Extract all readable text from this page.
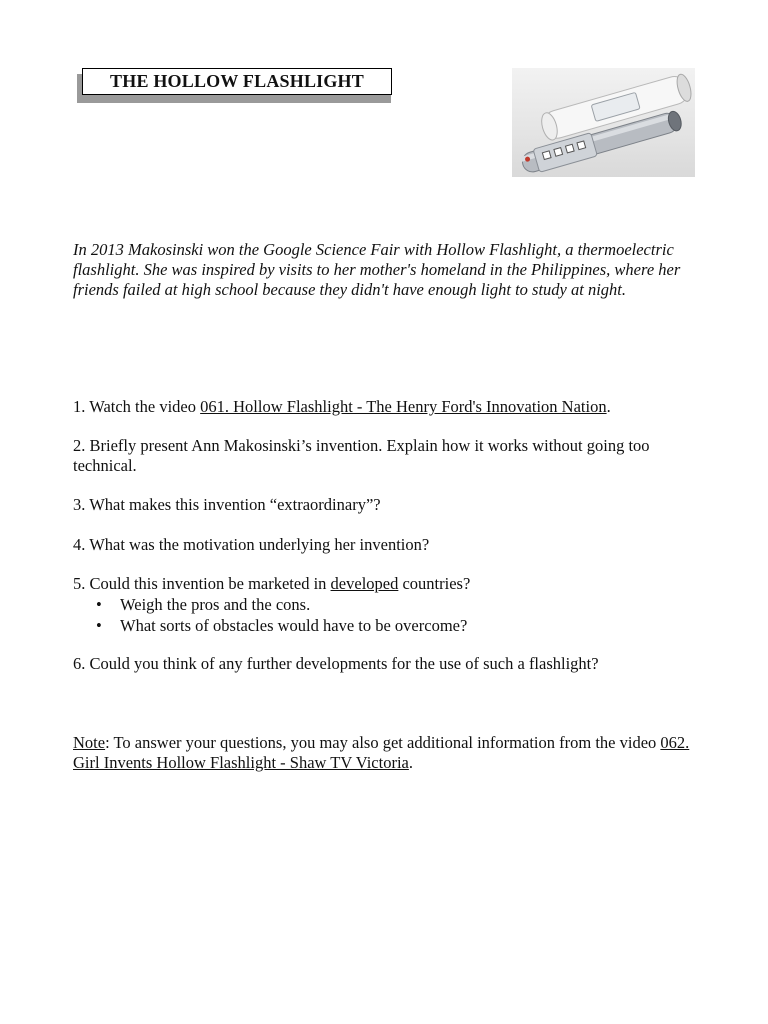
THE HOLLOW FLASHLIGHT

In 2013 Makosinski won the Google Science Fair with Hollow Flashlight, a thermoelectric flashlight. She was inspired by visits to her mother's homeland in the Philippines, where her friends failed at high school because they didn't have enough light to study at night.

1. Watch the video 061. Hollow Flashlight - The Henry Ford's Innovation Nation.

2. Briefly present Ann Makosinski’s invention. Explain how it works without going too technical.

3. What makes this invention “extraordinary”?

4. What was the motivation underlying her invention?

5. Could this invention be marketed in developed countries?

• Weigh the pros and the cons.
• What sorts of obstacles would have to be overcome?

6. Could you think of any further developments for the use of such a flashlight?

Note: To answer your questions, you may also get additional information from the video 062. Girl Invents Hollow Flashlight - Shaw TV Victoria.
